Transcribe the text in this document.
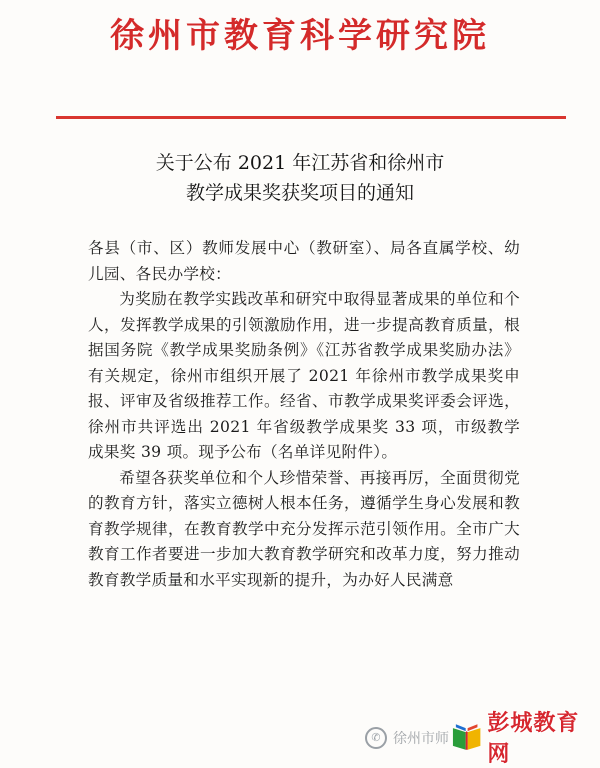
徐州市教育科学研究院
关于公布 2021 年江苏省和徐州市
教学成果奖获奖项目的通知

各县（市、区）教师发展中心（教研室）、局各直属学校、幼儿园、各民办学校：

为奖励在教学实践改革和研究中取得显著成果的单位和个人，发挥教学成果的引领激励作用，进一步提高教育质量，根据国务院《教学成果奖励条例》《江苏省教学成果奖励办法》有关规定，徐州市组织开展了 2021 年徐州市教学成果奖申报、评审及省级推荐工作。经省、市教学成果奖评委会评选，徐州市共评选出 2021 年省级教学成果奖 33 项，市级教学成果奖 39 项。现予公布（名单详见附件）。

希望各获奖单位和个人珍惜荣誉、再接再厉，全面贯彻党的教育方针，落实立德树人根本任务，遵循学生身心发展和教育教学规律，在教育教学中充分发挥示范引领作用。全市广大教育工作者要进一步加大教育教学研究和改革力度，努力推动教育教学质量和水平实现新的提升，为办好人民满意

✆ 徐州市师
彭城教育网
